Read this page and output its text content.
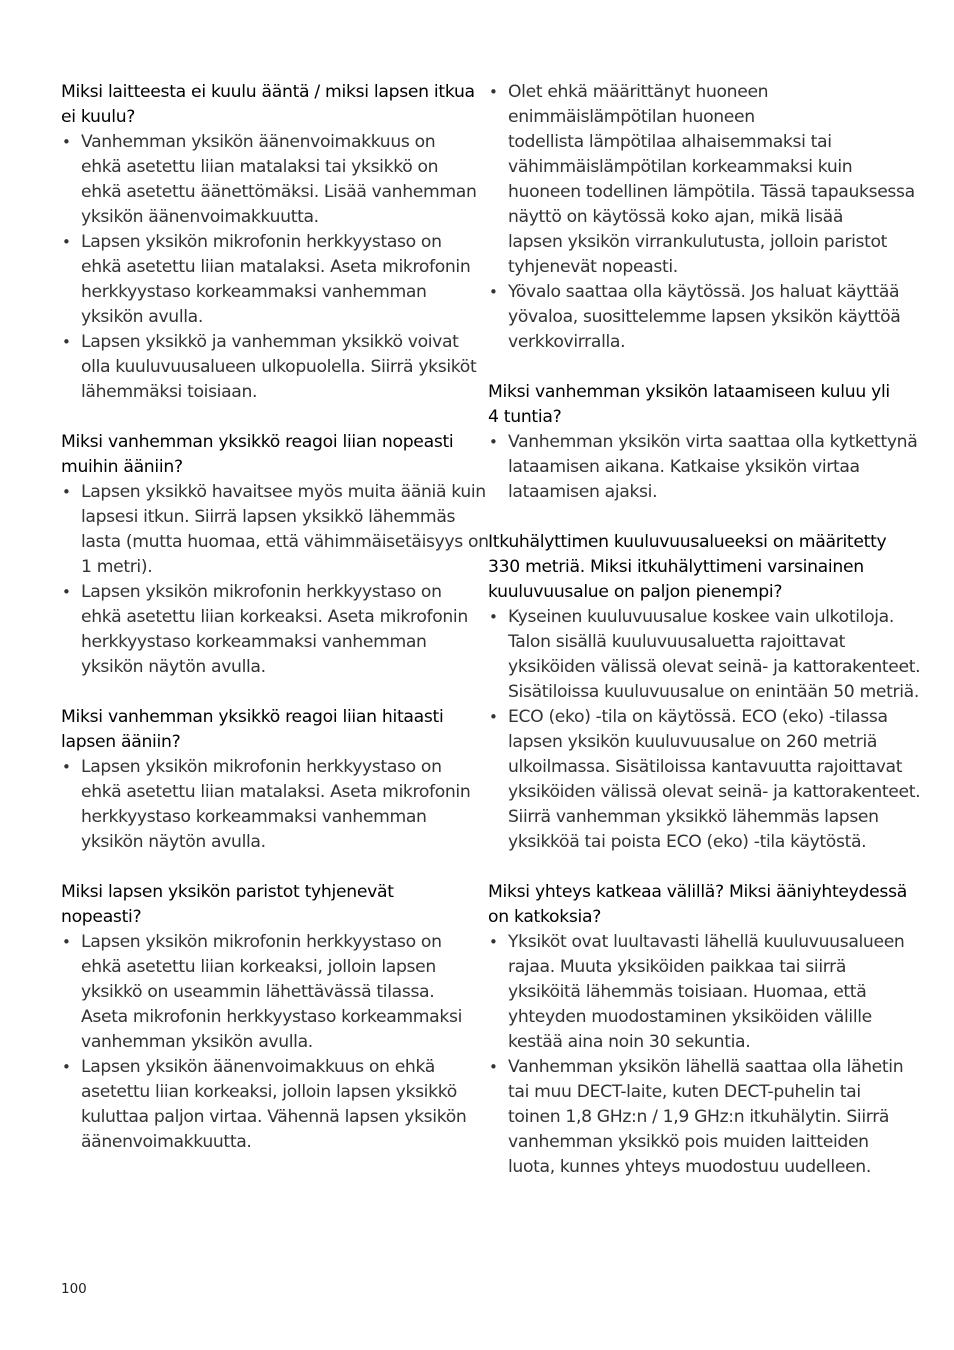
Miksi laitteesta ei kuulu ääntä / miksi lapsen itkua
ei kuulu?
• Vanhemman yksikön äänenvoimakkuus on
ehkä asetettu liian matalaksi tai yksikkö on
ehkä asetettu äänettömäksi. Lisää vanhemman
yksikön äänenvoimakkuutta.
• Lapsen yksikön mikrofonin herkkyystaso on
ehkä asetettu liian matalaksi. Aseta mikrofonin
herkkyystaso korkeammaksi vanhemman
yksikön avulla.
• Lapsen yksikkö ja vanhemman yksikkö voivat
olla kuuluvuusalueen ulkopuolella. Siirrä yksiköt
lähemmäksi toisiaan.
Miksi vanhemman yksikkö reagoi liian nopeasti
muihin ääniin?
• Lapsen yksikkö havaitsee myös muita ääniä kuin
lapsesi itkun. Siirrä lapsen yksikkö lähemmäs
lasta (mutta huomaa, että vähimmäisetäisyys on
1 metri).
• Lapsen yksikön mikrofonin herkkyystaso on
ehkä asetettu liian korkeaksi. Aseta mikrofonin
herkkyystaso korkeammaksi vanhemman
yksikön näytön avulla.
Miksi vanhemman yksikkö reagoi liian hitaasti
lapsen ääniin?
• Lapsen yksikön mikrofonin herkkyystaso on
ehkä asetettu liian matalaksi. Aseta mikrofonin
herkkyystaso korkeammaksi vanhemman
yksikön näytön avulla.
Miksi lapsen yksikön paristot tyhjenevät
nopeasti?
• Lapsen yksikön mikrofonin herkkyystaso on
ehkä asetettu liian korkeaksi, jolloin lapsen
yksikkö on useammin lähettävässä tilassa.
Aseta mikrofonin herkkyystaso korkeammaksi
vanhemman yksikön avulla.
• Lapsen yksikön äänenvoimakkuus on ehkä
asetettu liian korkeaksi, jolloin lapsen yksikkö
kuluttaa paljon virtaa. Vähennä lapsen yksikön
äänenvoimakkuutta.
• Olet ehkä määrittänyt huoneen
enimmäislämpötilan huoneen
todellista lämpötilaa alhaisemmaksi tai
vähimmäislämpötilan korkeammaksi kuin
huoneen todellinen lämpötila. Tässä tapauksessa
näyttö on käytössä koko ajan, mikä lisää
lapsen yksikön virrankulutusta, jolloin paristot
tyhjenevät nopeasti.
• Yövalo saattaa olla käytössä. Jos haluat käyttää
yövaloa, suosittelemme lapsen yksikön käyttöä
verkkovirralla.
Miksi vanhemman yksikön lataamiseen kuluu yli
4 tuntia?
• Vanhemman yksikön virta saattaa olla kytkettynä
lataamisen aikana. Katkaise yksikön virtaa
lataamisen ajaksi.
Itkuhälyttimen kuuluvuusalueeksi on määritetty
330 metriä. Miksi itkuhälyttimeni varsinainen
kuuluvuusalue on paljon pienempi?
• Kyseinen kuuluvuusalue koskee vain ulkotiloja.
Talon sisällä kuuluvuusaluetta rajoittavat
yksiköiden välissä olevat seinä- ja kattorakenteet.
Sisätiloissa kuuluvuusalue on enintään 50 metriä.
• ECO (eko) -tila on käytössä. ECO (eko) -tilassa
lapsen yksikön kuuluvuusalue on 260 metriä
ulkoilmassa. Sisätiloissa kantavuutta rajoittavat
yksiköiden välissä olevat seinä- ja kattorakenteet.
Siirrä vanhemman yksikkö lähemmäs lapsen
yksikköä tai poista ECO (eko) -tila käytöstä.
Miksi yhteys katkeaa välillä? Miksi ääniyhteydessä
on katkoksia?
• Yksiköt ovat luultavasti lähellä kuuluvuusalueen
rajaa. Muuta yksiköiden paikkaa tai siirrä
yksiköitä lähemmäs toisiaan. Huomaa, että
yhteyden muodostaminen yksiköiden välille
kestää aina noin 30 sekuntia.
• Vanhemman yksikön lähellä saattaa olla lähetin
tai muu DECT-laite, kuten DECT-puhelin tai
toinen 1,8 GHz:n / 1,9 GHz:n itkuhälytin. Siirrä
vanhemman yksikkö pois muiden laitteiden
luota, kunnes yhteys muodostuu uudelleen.
100
